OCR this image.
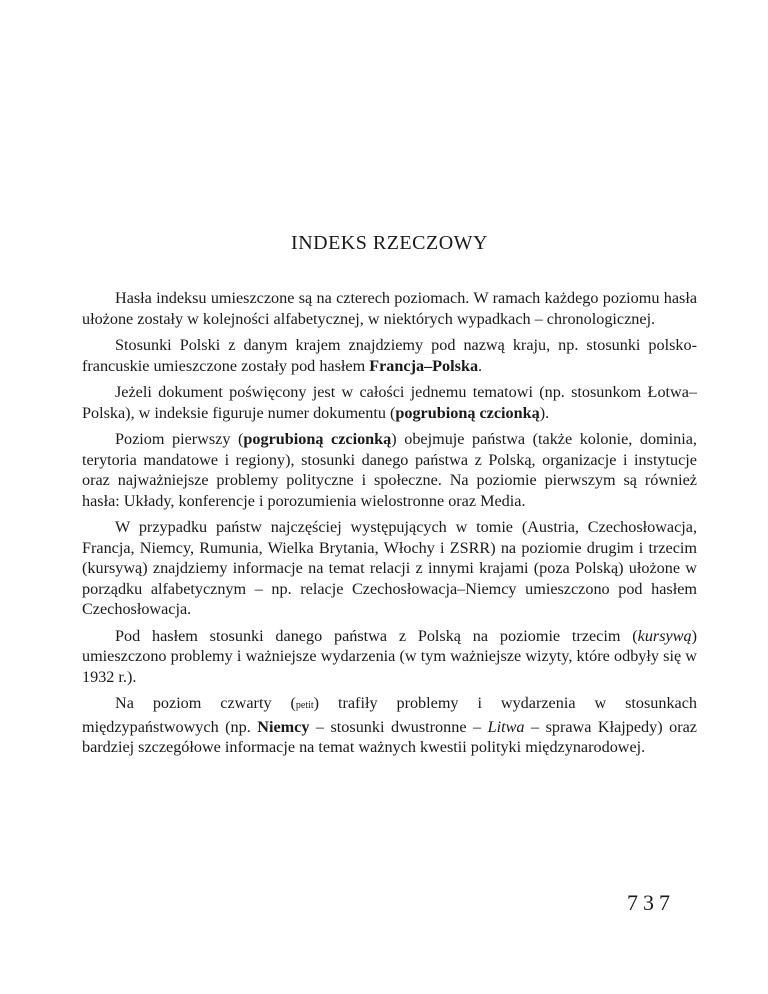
INDEKS RZECZOWY

Hasła indeksu umieszczone są na czterech poziomach. W ramach każdego poziomu hasła ułożone zostały w kolejności alfabetycznej, w niektórych wypadkach – chronologicznej.

Stosunki Polski z danym krajem znajdziemy pod nazwą kraju, np. stosunki polsko-francuskie umieszczone zostały pod hasłem Francja–Polska.

Jeżeli dokument poświęcony jest w całości jednemu tematowi (np. stosunkom Łotwa–Polska), w indeksie figuruje numer dokumentu (pogrubioną czcionką).

Poziom pierwszy (pogrubioną czcionką) obejmuje państwa (także kolonie, dominia, terytoria mandatowe i regiony), stosunki danego państwa z Polską, organizacje i instytucje oraz najważniejsze problemy polityczne i społeczne. Na poziomie pierwszym są również hasła: Układy, konferencje i porozumienia wielostronne oraz Media.

W przypadku państw najczęściej występujących w tomie (Austria, Czechosłowacja, Francja, Niemcy, Rumunia, Wielka Brytania, Włochy i ZSRR) na poziomie drugim i trzecim (kursywą) znajdziemy informacje na temat relacji z innymi krajami (poza Polską) ułożone w porządku alfabetycznym – np. relacje Czechosłowacja–Niemcy umieszczono pod hasłem Czechosłowacja.

Pod hasłem stosunki danego państwa z Polską na poziomie trzecim (kursywą) umieszczono problemy i ważniejsze wydarzenia (w tym ważniejsze wizyty, które odbyły się w 1932 r.).

Na poziom czwarty (petit) trafiły problemy i wydarzenia w stosunkach międzypaństwowych (np. Niemcy – stosunki dwustronne – Litwa – sprawa Kłajpedy) oraz bardziej szczegółowe informacje na temat ważnych kwestii polityki międzynarodowej.

737
